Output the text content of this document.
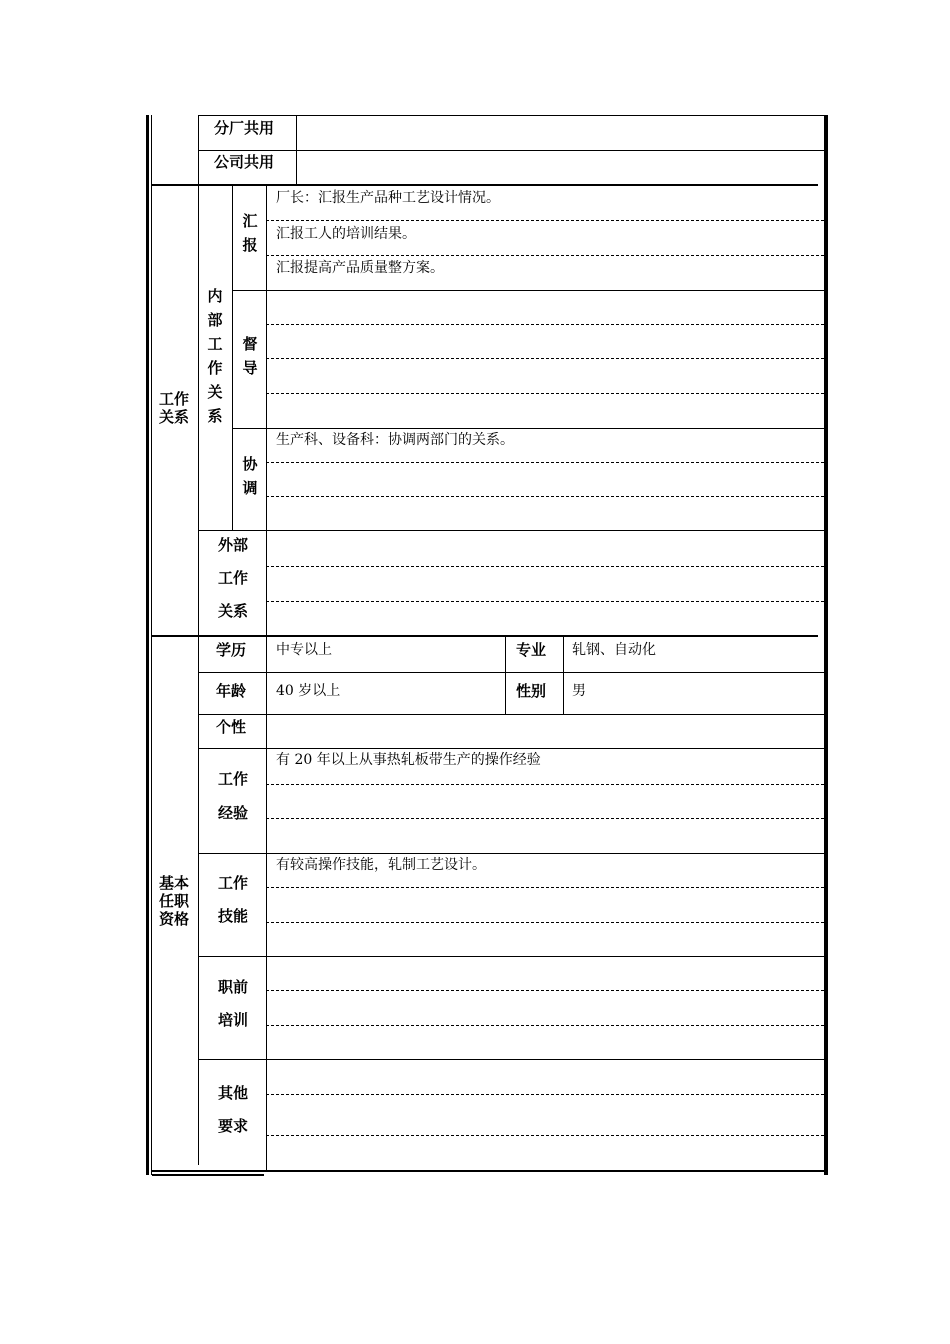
分厂共用
公司共用
工作关系
内部工作关系
汇报
厂长：汇报生产品种工艺设计情况。
汇报工人的培训结果。
汇报提高产品质量整方案。
督导
协调
生产科、设备科：协调两部门的关系。
外部
工作
关系
基本任职资格
学历 中专以上	专业 轧钢、自动化
年龄 40 岁以上	性别 男
个性
工作
经验
有 20 年以上从事热轧板带生产的操作经验
工作
技能
有较高操作技能，轧制工艺设计。
职前
培训
其他
要求
